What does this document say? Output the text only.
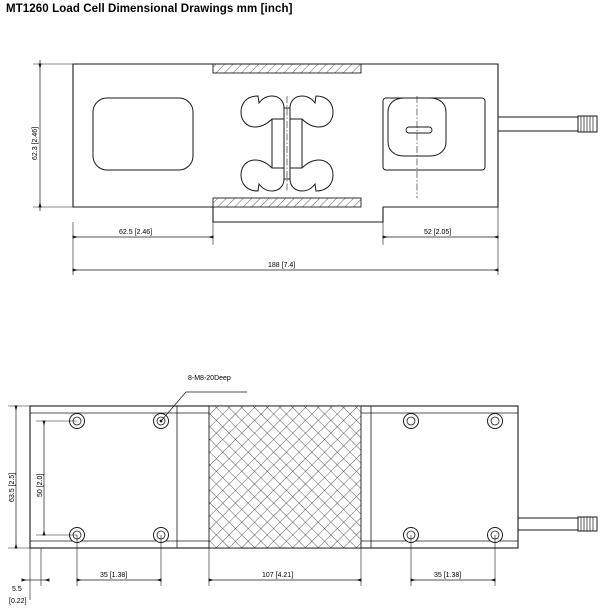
MT1260 Load Cell Dimensional Drawings mm [inch]
62.3 [2.46]
62.5 [2.46]	52 [2.05]
188 [7.4]
8-M8-20Deep
63.5 [2.5]	50 [2.0]
5.5
[0.22]
35 [1.38]	107 [4.21]	35 [1.38]
